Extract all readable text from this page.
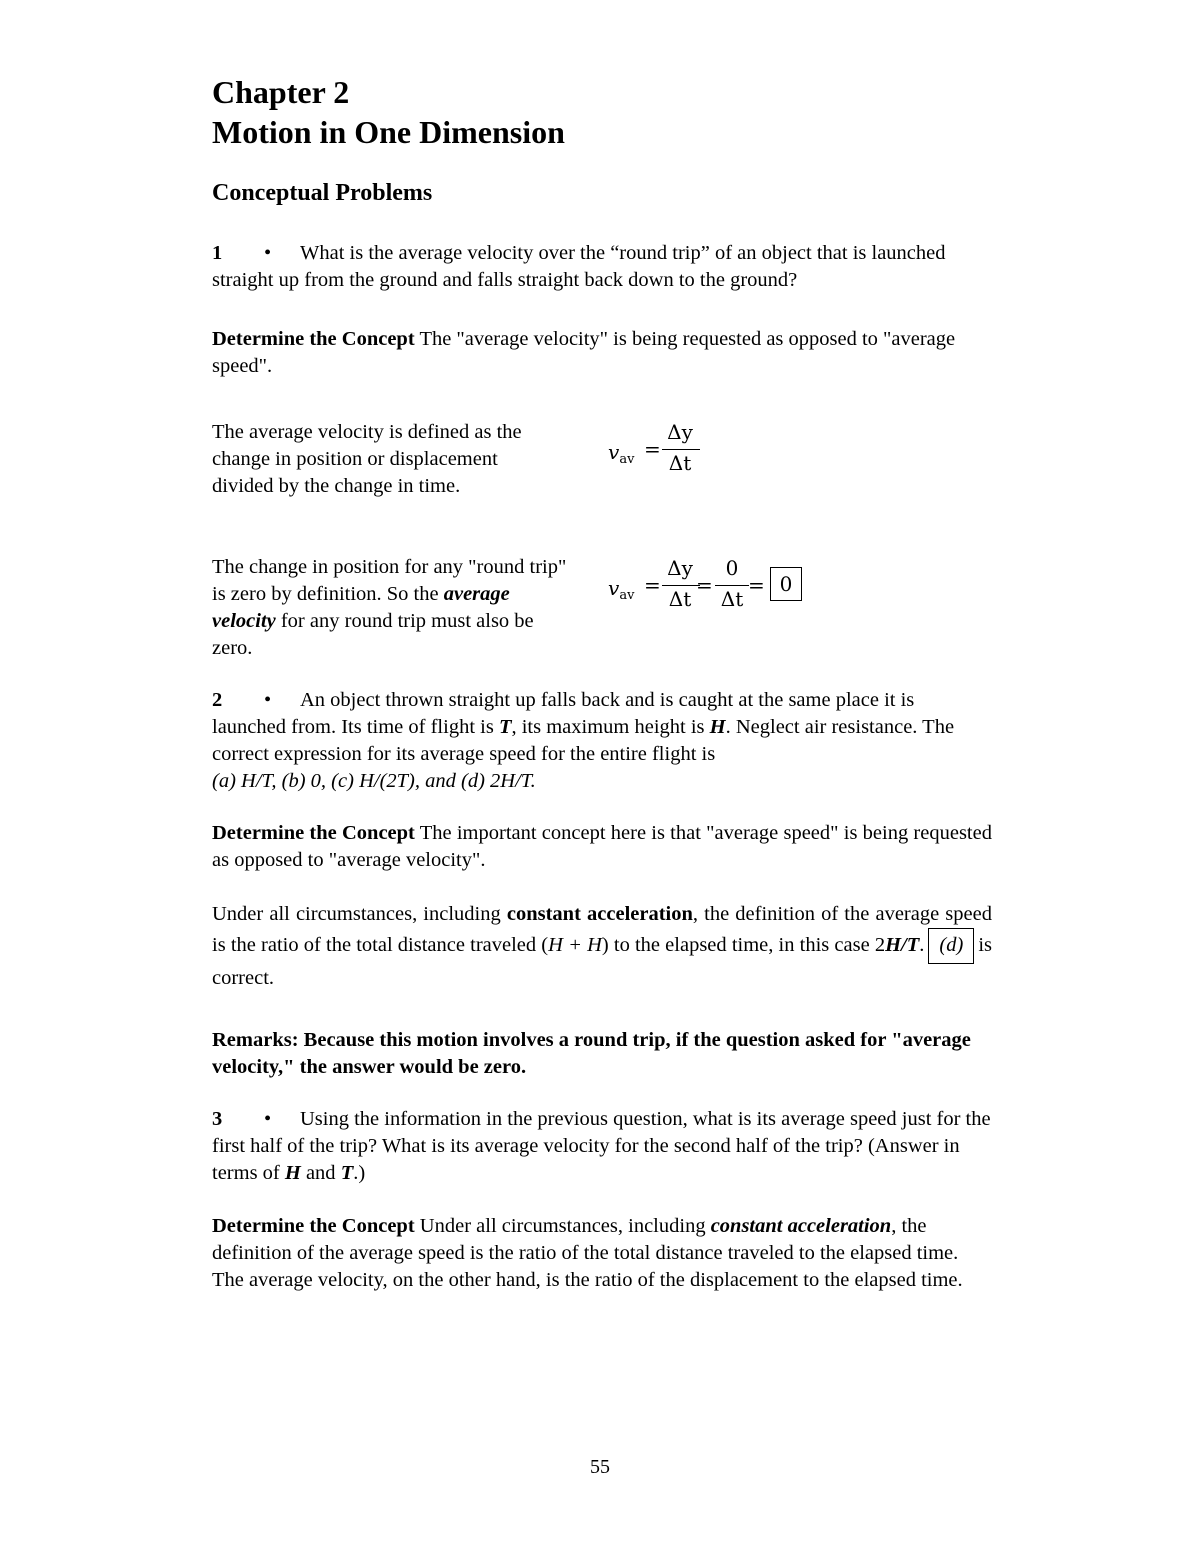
Chapter 2
Motion in One Dimension
Conceptual Problems
1 • What is the average velocity over the “round trip” of an object that is launched straight up from the ground and falls straight back down to the ground?
Determine the Concept The "average velocity" is being requested as opposed to "average speed".
The average velocity is defined as the change in position or displacement divided by the change in time.
$v_{av}$ =
Δy
Δt
The change in position for any "round trip" is zero by definition. So the average velocity for any round trip must also be zero.
$v_{av}$ =
Δy
Δt
=
0
Δt
= 0
2 • An object thrown straight up falls back and is caught at the same place it is launched from. Its time of flight is T, its maximum height is H. Neglect air resistance. The correct expression for its average speed for the entire flight is
(a) H/T, (b) 0, (c) H/(2T), and (d) 2H/T.
Determine the Concept The important concept here is that "average speed" is being requested as opposed to "average velocity".
Under all circumstances, including constant acceleration, the definition of the average speed is the ratio of the total distance traveled (H + H) to the elapsed time, in this case 2H/T. (d) is correct.
Remarks: Because this motion involves a round trip, if the question asked for "average velocity," the answer would be zero.
3 • Using the information in the previous question, what is its average speed just for the first half of the trip? What is its average velocity for the second half of the trip? (Answer in terms of H and T.)
Determine the Concept Under all circumstances, including constant acceleration, the definition of the average speed is the ratio of the total distance traveled to the elapsed time. The average velocity, on the other hand, is the ratio of the displacement to the elapsed time.
55
